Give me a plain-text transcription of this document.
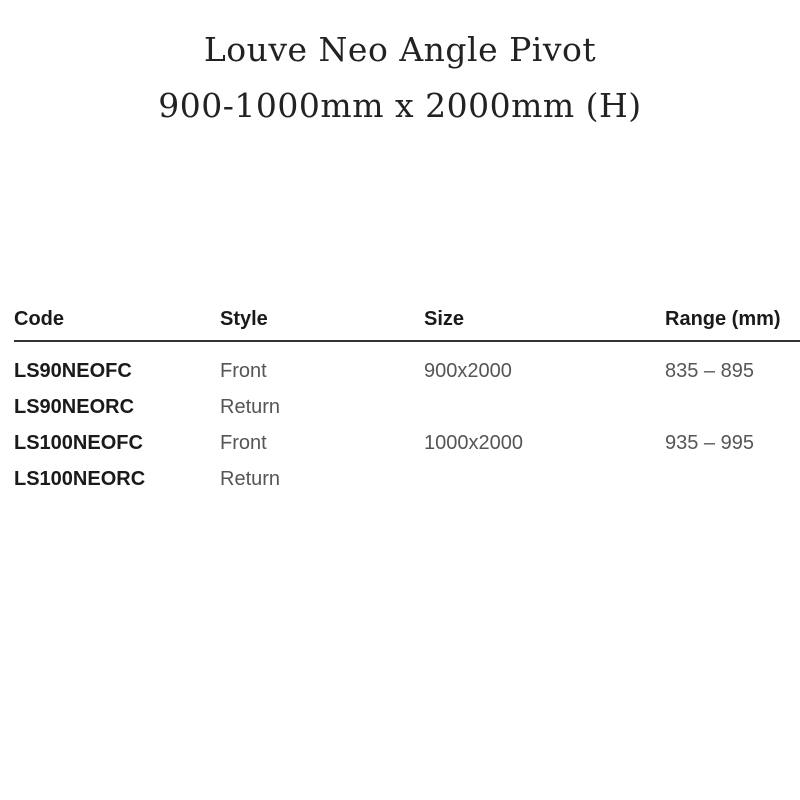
Louve Neo Angle Pivot
900-1000mm x 2000mm (H)
Code	Style	Size	Range (mm)
LS90NEOFC	Front	900x2000	835 – 895
LS90NEORC	Return
LS100NEOFC	Front	1000x2000	935 – 995
LS100NEORC	Return
